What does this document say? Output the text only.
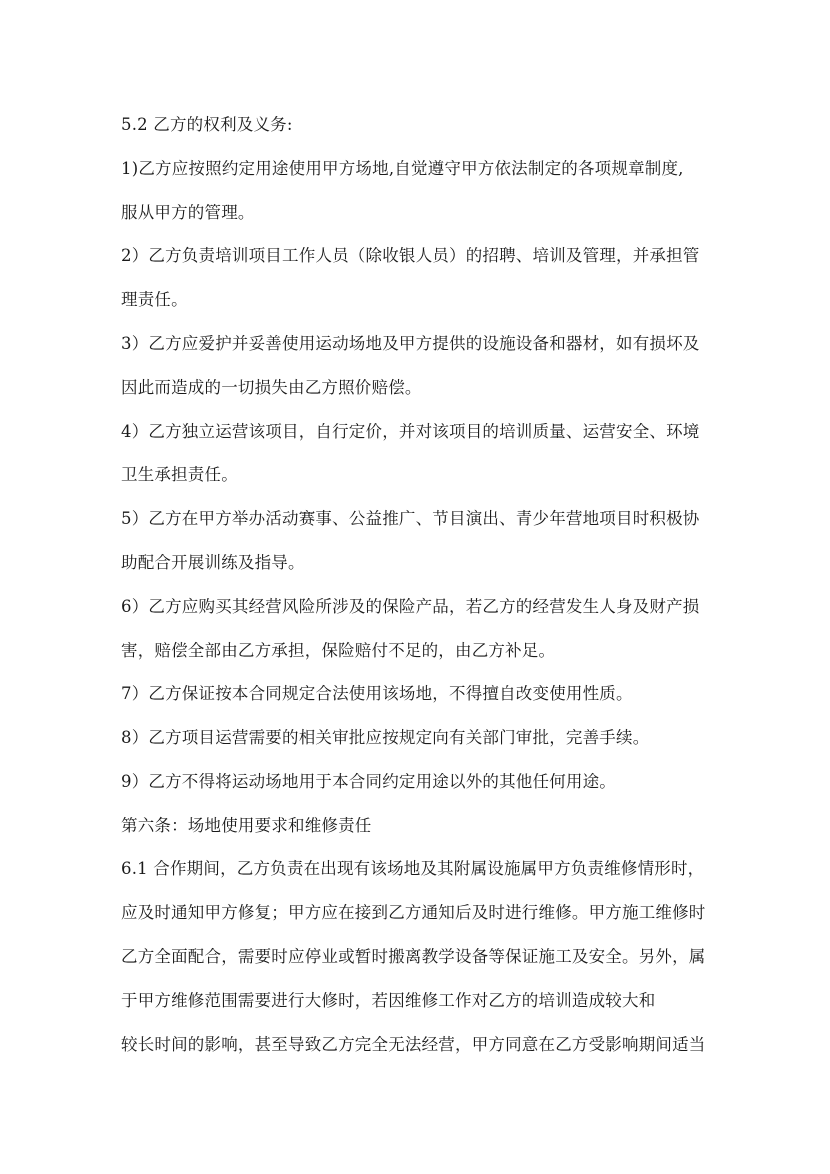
5.2 乙方的权利及义务:
1)乙方应按照约定用途使用甲方场地,自觉遵守甲方依法制定的各项规章制度,
服从甲方的管理。
2）乙方负责培训项目工作人员（除收银人员）的招聘、培训及管理，并承担管
理责任。
3）乙方应爱护并妥善使用运动场地及甲方提供的设施设备和器材，如有损坏及
因此而造成的一切损失由乙方照价赔偿。
4）乙方独立运营该项目，自行定价，并对该项目的培训质量、运营安全、环境
卫生承担责任。
5）乙方在甲方举办活动赛事、公益推广、节目演出、青少年营地项目时积极协
助配合开展训练及指导。
6）乙方应购买其经营风险所涉及的保险产品，若乙方的经营发生人身及财产损
害，赔偿全部由乙方承担，保险赔付不足的，由乙方补足。
7）乙方保证按本合同规定合法使用该场地，不得擅自改变使用性质。
8）乙方项目运营需要的相关审批应按规定向有关部门审批，完善手续。
9）乙方不得将运动场地用于本合同约定用途以外的其他任何用途。
第六条：场地使用要求和维修责任
6.1 合作期间，乙方负责在出现有该场地及其附属设施属甲方负责维修情形时，
应及时通知甲方修复；甲方应在接到乙方通知后及时进行维修。甲方施工维修时
乙方全面配合，需要时应停业或暂时搬离教学设备等保证施工及安全。另外，属
于甲方维修范围需要进行大修时，若因维修工作对乙方的培训造成较大和
较长时间的影响，甚至导致乙方完全无法经营，甲方同意在乙方受影响期间适当
